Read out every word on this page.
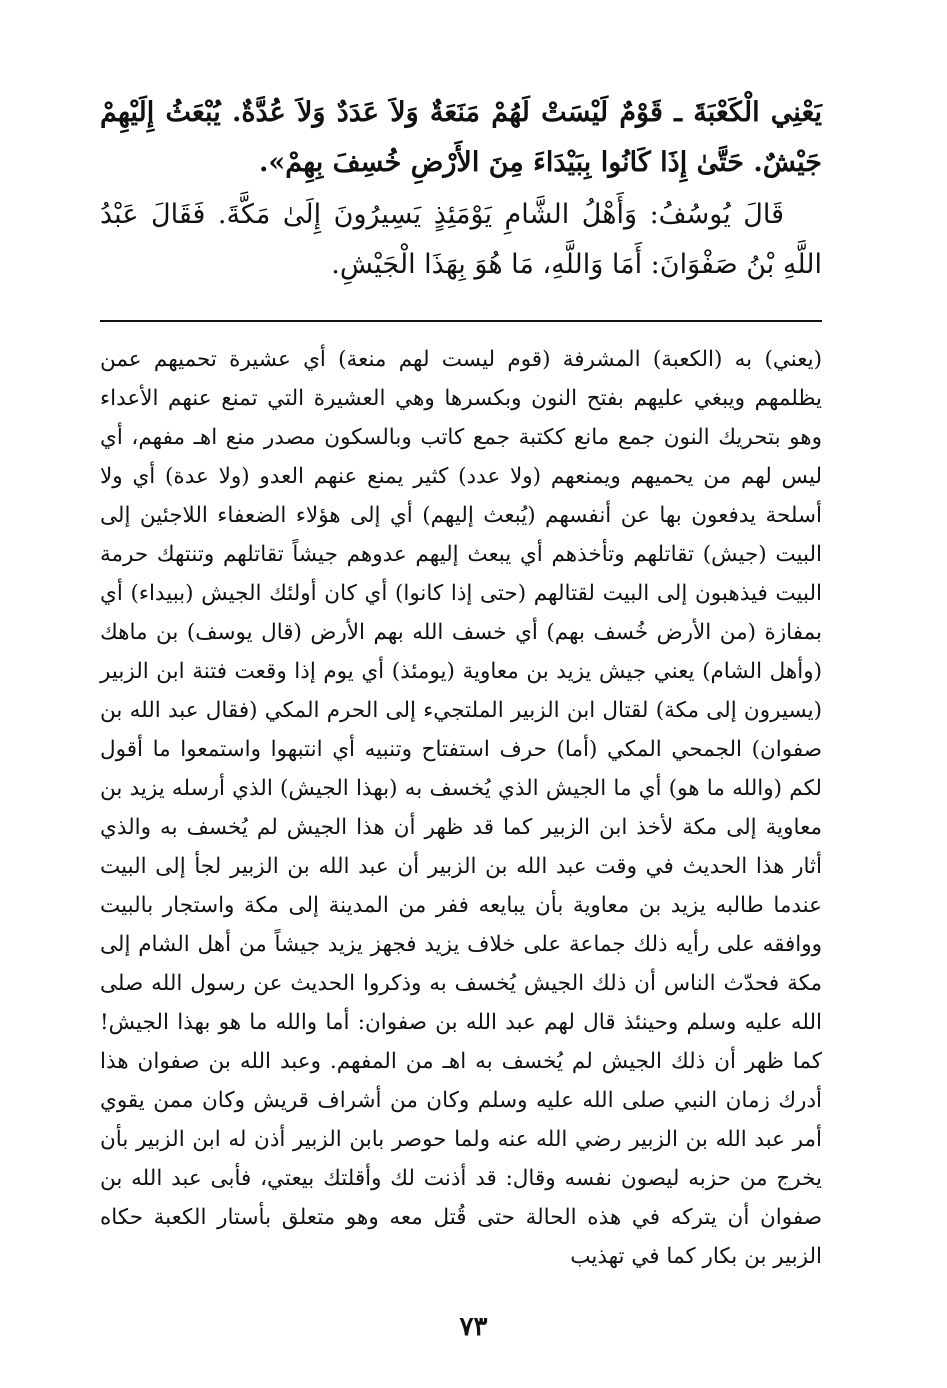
يَعْنِي الْكَعْبَةَ ـ قَوْمٌ لَيْسَتْ لَهُمْ مَنَعَةٌ وَلاَ عَدَدٌ وَلاَ عُدَّةٌ. يُبْعَثُ إِلَيْهِمْ جَيْشٌ. حَتَّىٰ إِذَا كَانُوا بِبَيْدَاءَ مِنَ الأَرْضِ خُسِفَ بِهِمْ».

قَالَ يُوسُفُ: وَأَهْلُ الشَّامِ يَوْمَئِذٍ يَسِيرُونَ إِلَىٰ مَكَّةَ. فَقَالَ عَبْدُ اللَّهِ بْنُ صَفْوَانَ: أَمَا وَاللَّهِ، مَا هُوَ بِهَذَا الْجَيْشِ.

(يعني) به (الكعبة) المشرفة (قوم ليست لهم منعة) أي عشيرة تحميهم عمن يظلمهم ويبغي عليهم بفتح النون وبكسرها وهي العشيرة التي تمنع عنهم الأعداء وهو بتحريك النون جمع مانع ككتبة جمع كاتب وبالسكون مصدر منع اهـ مفهم، أي ليس لهم من يحميهم ويمنعهم (ولا عدد) كثير يمنع عنهم العدو (ولا عدة) أي ولا أسلحة يدفعون بها عن أنفسهم (يُبعث إليهم) أي إلى هؤلاء الضعفاء اللاجئين إلى البيت (جيش) تقاتلهم وتأخذهم أي يبعث إليهم عدوهم جيشاً تقاتلهم وتنتهك حرمة البيت فيذهبون إلى البيت لقتالهم (حتى إذا كانوا) أي كان أولئك الجيش (ببيداء) أي بمفازة (من الأرض خُسف بهم) أي خسف الله بهم الأرض (قال يوسف) بن ماهك (وأهل الشام) يعني جيش يزيد بن معاوية (يومئذ) أي يوم إذا وقعت فتنة ابن الزبير (يسيرون إلى مكة) لقتال ابن الزبير الملتجيء إلى الحرم المكي (فقال عبد الله بن صفوان) الجمحي المكي (أما) حرف استفتاح وتنبيه أي انتبهوا واستمعوا ما أقول لكم (والله ما هو) أي ما الجيش الذي يُخسف به (بهذا الجيش) الذي أرسله يزيد بن معاوية إلى مكة لأخذ ابن الزبير كما قد ظهر أن هذا الجيش لم يُخسف به والذي أثار هذا الحديث في وقت عبد الله بن الزبير أن عبد الله بن الزبير لجأ إلى البيت عندما طالبه يزيد بن معاوية بأن يبايعه ففر من المدينة إلى مكة واستجار بالبيت ووافقه على رأيه ذلك جماعة على خلاف يزيد فجهز يزيد جيشاً من أهل الشام إلى مكة فحدّث الناس أن ذلك الجيش يُخسف به وذكروا الحديث عن رسول الله صلى الله عليه وسلم وحينئذ قال لهم عبد الله بن صفوان: أما والله ما هو بهذا الجيش! كما ظهر أن ذلك الجيش لم يُخسف به اهـ من المفهم. وعبد الله بن صفوان هذا أدرك زمان النبي صلى الله عليه وسلم وكان من أشراف قريش وكان ممن يقوي أمر عبد الله بن الزبير رضي الله عنه ولما حوصر بابن الزبير أذن له ابن الزبير بأن يخرج من حزبه ليصون نفسه وقال: قد أذنت لك وأقلتك بيعتي، فأبى عبد الله بن صفوان أن يتركه في هذه الحالة حتى قُتل معه وهو متعلق بأستار الكعبة حكاه الزبير بن بكار كما في تهذيب

٧٣
